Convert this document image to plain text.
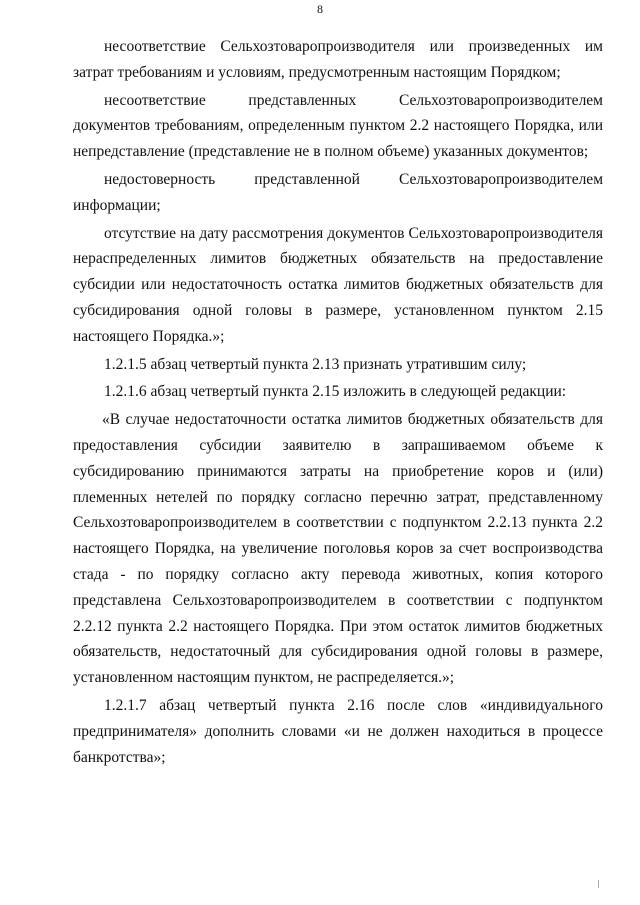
8

несоответствие Сельхозтоваропроизводителя или произведенных им затрат требованиям и условиям, предусмотренным настоящим Порядком;

несоответствие представленных Сельхозтоваропроизводителем документов требованиям, определенным пунктом 2.2 настоящего Порядка, или непредставление (представление не в полном объеме) указанных документов;

недостоверность представленной Сельхозтоваропроизводителем информации;

отсутствие на дату рассмотрения документов Сельхозтоваропроизводителя нераспределенных лимитов бюджетных обязательств на предоставление субсидии или недостаточность остатка лимитов бюджетных обязательств для субсидирования одной головы в размере, установленном пунктом 2.15 настоящего Порядка.»;

1.2.1.5 абзац четвертый пункта 2.13 признать утратившим силу;

1.2.1.6 абзац четвертый пункта 2.15 изложить в следующей редакции:

«В случае недостаточности остатка лимитов бюджетных обязательств для предоставления субсидии заявителю в запрашиваемом объеме к субсидированию принимаются затраты на приобретение коров и (или) племенных нетелей по порядку согласно перечню затрат, представленному Сельхозтоваропроизводителем в соответствии с подпунктом 2.2.13 пункта 2.2 настоящего Порядка, на увеличение поголовья коров за счет воспроизводства стада - по порядку согласно акту перевода животных, копия которого представлена Сельхозтоваропроизводителем в соответствии с подпунктом 2.2.12 пункта 2.2 настоящего Порядка. При этом остаток лимитов бюджетных обязательств, недостаточный для субсидирования одной головы в размере, установленном настоящим пунктом, не распределяется.»;

1.2.1.7 абзац четвертый пункта 2.16 после слов «индивидуального предпринимателя» дополнить словами «и не должен находиться в процессе банкротства»;
